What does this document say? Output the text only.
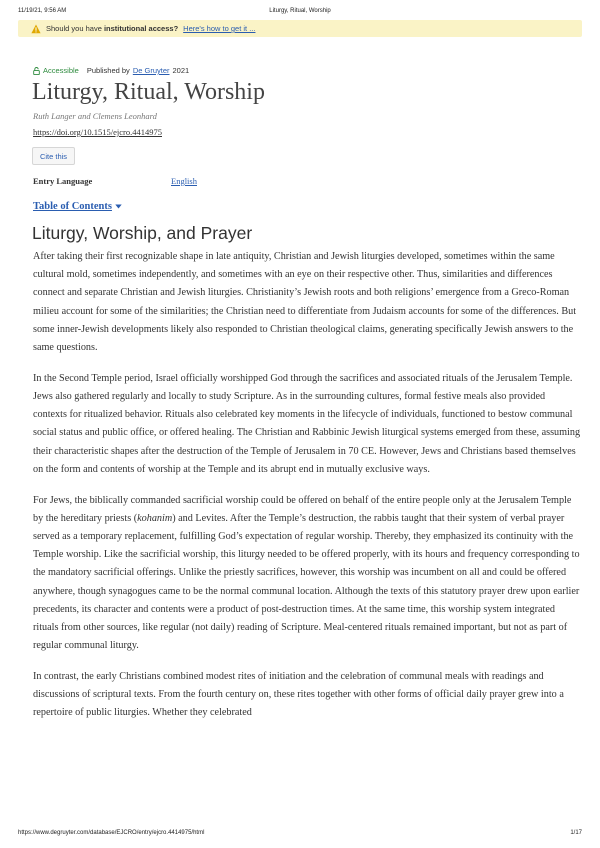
11/19/21, 9:56 AM	Liturgy, Ritual, Worship
Should you have institutional access? Here's how to get it ...
Accessible Published by De Gruyter 2021
Liturgy, Ritual, Worship
Ruth Langer and Clemens Leonhard
https://doi.org/10.1515/ejcro.4414975
Cite this
Entry Language	English
Table of Contents
Liturgy, Worship, and Prayer

After taking their first recognizable shape in late antiquity, Christian and Jewish liturgies developed, sometimes within the same cultural mold, sometimes independently, and sometimes with an eye on their respective other. Thus, similarities and differences connect and separate Christian and Jewish liturgies. Christianity’s Jewish roots and both religions’ emergence from a Greco-Roman milieu account for some of the similarities; the Christian need to differentiate from Judaism accounts for some of the differences. But some inner-Jewish developments likely also responded to Christian theological claims, generating specifically Jewish answers to the same questions.

In the Second Temple period, Israel officially worshipped God through the sacrifices and associated rituals of the Jerusalem Temple. Jews also gathered regularly and locally to study Scripture. As in the surrounding cultures, formal festive meals also provided contexts for ritualized behavior. Rituals also celebrated key moments in the lifecycle of individuals, functioned to bestow communal social status and public office, or offered healing. The Christian and Rabbinic Jewish liturgical systems emerged from these, assuming their characteristic shapes after the destruction of the Temple of Jerusalem in 70 CE. However, Jews and Christians based themselves on the form and contents of worship at the Temple and its abrupt end in mutually exclusive ways.

For Jews, the biblically commanded sacrificial worship could be offered on behalf of the entire people only at the Jerusalem Temple by the hereditary priests (kohanim) and Levites. After the Temple’s destruction, the rabbis taught that their system of verbal prayer served as a temporary replacement, fulfilling God’s expectation of regular worship. Thereby, they emphasized its continuity with the Temple worship. Like the sacrificial worship, this liturgy needed to be offered properly, with its hours and frequency corresponding to the mandatory sacrificial offerings. Unlike the priestly sacrifices, however, this worship was incumbent on all and could be offered anywhere, though synagogues came to be the normal communal location. Although the texts of this statutory prayer drew upon earlier precedents, its character and contents were a product of post-destruction times. At the same time, this worship system integrated rituals from other sources, like regular (not daily) reading of Scripture. Meal-centered rituals remained important, but not as part of regular communal liturgy.

In contrast, the early Christians combined modest rites of initiation and the celebration of communal meals with readings and discussions of scriptural texts. From the fourth century on, these rites together with other forms of official daily prayer grew into a repertoire of public liturgies. Whether they celebrated

https://www.degruyter.com/database/EJCRO/entry/ejcro.4414975/html	1/17
